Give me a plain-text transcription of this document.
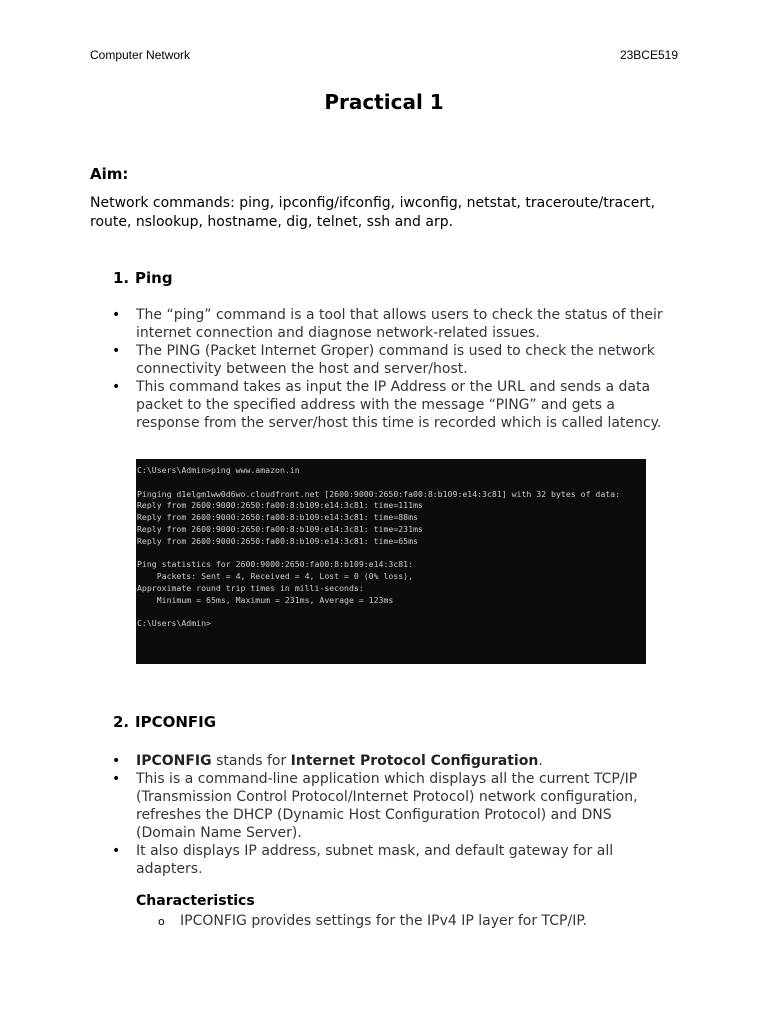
Computer Network	23BCE519
Practical 1
Aim:
Network commands: ping, ipconfig/ifconfig, iwconfig, netstat, traceroute/tracert, route, nslookup, hostname, dig, telnet, ssh and arp.
1. Ping
• The “ping” command is a tool that allows users to check the status of their internet connection and diagnose network-related issues.
• The PING (Packet Internet Groper) command is used to check the network connectivity between the host and server/host.
• This command takes as input the IP Address or the URL and sends a data packet to the specified address with the message “PING” and gets a response from the server/host this time is recorded which is called latency.
C:\Users\Admin>ping www.amazon.in
Pinging d1elgm1ww0d6wo.cloudfront.net [2600:9000:2650:fa00:8:b109:e14:3c81] with 32 bytes of data:
Reply from 2600:9000:2650:fa00:8:b109:e14:3c81: time=111ms
Reply from 2600:9000:2650:fa00:8:b109:e14:3c81: time=88ms
Reply from 2600:9000:2650:fa00:8:b109:e14:3c81: time=231ms
Reply from 2600:9000:2650:fa00:8:b109:e14:3c81: time=65ms
Ping statistics for 2600:9000:2650:fa00:8:b109:e14:3c81:
Packets: Sent = 4, Received = 4, Lost = 0 (0% loss),
Approximate round trip times in milli-seconds:
Minimum = 65ms, Maximum = 231ms, Average = 123ms
C:\Users\Admin>
2. IPCONFIG
• IPCONFIG stands for Internet Protocol Configuration.
• This is a command-line application which displays all the current TCP/IP (Transmission Control Protocol/Internet Protocol) network configuration, refreshes the DHCP (Dynamic Host Configuration Protocol) and DNS (Domain Name Server).
• It also displays IP address, subnet mask, and default gateway for all adapters.
Characteristics
o IPCONFIG provides settings for the IPv4 IP layer for TCP/IP.
